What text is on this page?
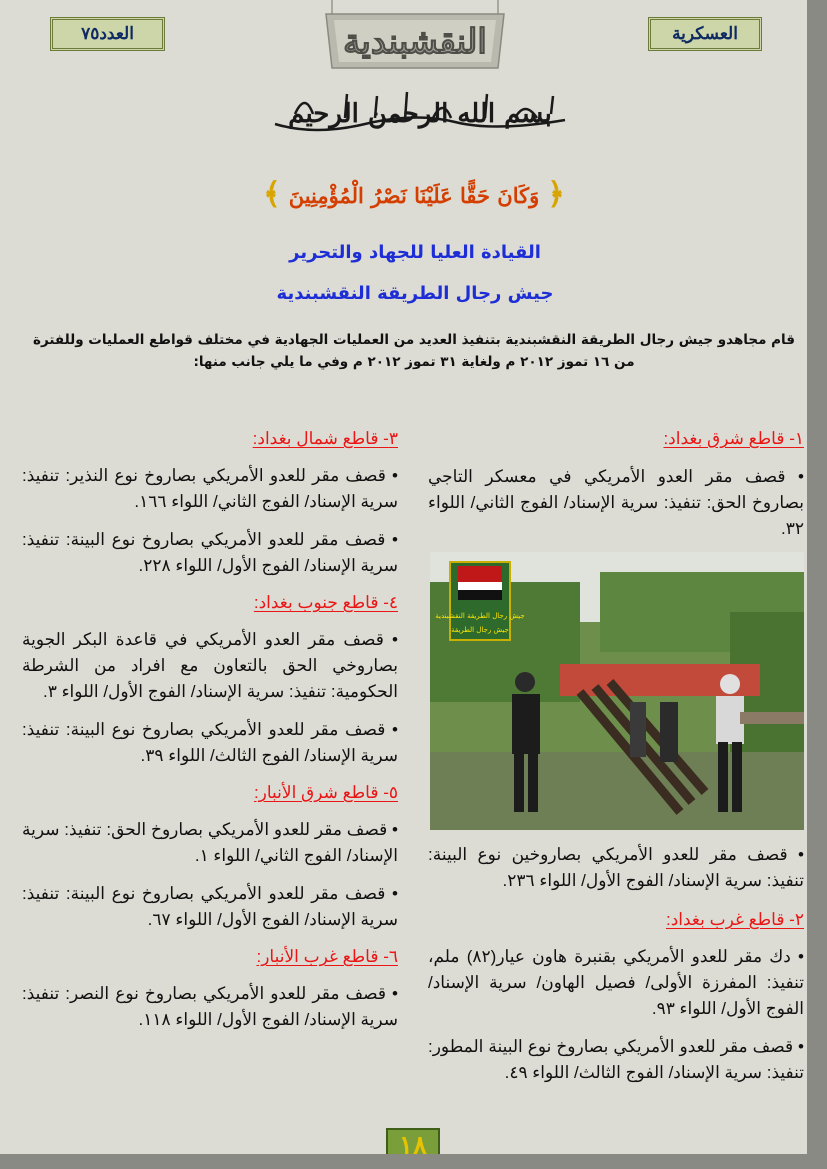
العسكرية
العدد٧٥	النقشبندية
بسم الله الرحمن الرحيم
﴿
وَكَانَ حَقًّا عَلَيْنَا نَصْرُ الْمُؤْمِنِينَ
﴾
القيادة العليا للجهاد والتحرير
جيش رجال الطريقة النقشبندية
قام مجاهدو جيش رجال الطريقة النقشبندية بتنفيذ العديد من العمليات الجهادية في مختلف قواطع العمليات وللفترة من ١٦ تموز ٢٠١٢ م ولغاية ٣١ تموز ٢٠١٢ م وفي ما يلي جانب منها:
١- قاطع شرق بغداد:
• قصف مقر العدو الأمريكي في معسكر التاجي بصاروخ الحق: تنفيذ: سرية الإسناد/ الفوج الثاني/ اللواء ٣٢.
جيش رجال الطريقة النقشبندية
جيش رجال الطريقة
• قصف مقر للعدو الأمريكي بصاروخين نوع البينة: تنفيذ: سرية الإسناد/ الفوج الأول/ اللواء ٢٣٦.
٢- قاطع غرب بغداد:
• دك مقر للعدو الأمريكي بقنبرة هاون عيار(٨٢) ملم، تنفيذ: المفرزة الأولى/ فصيل الهاون/ سرية الإسناد/ الفوج الأول/ اللواء ٩٣.
• قصف مقر للعدو الأمريكي بصاروخ نوع البينة المطور: تنفيذ: سرية الإسناد/ الفوج الثالث/ اللواء ٤٩.
٣- قاطع شمال بغداد:
• قصف مقر للعدو الأمريكي بصاروخ نوع النذير: تنفيذ: سرية الإسناد/ الفوج الثاني/ اللواء ١٦٦.
• قصف مقر للعدو الأمريكي بصاروخ نوع البينة: تنفيذ: سرية الإسناد/ الفوج الأول/ اللواء ٢٢٨.
٤- قاطع جنوب بغداد:
• قصف مقر العدو الأمريكي في قاعدة البكر الجوية بصاروخي الحق بالتعاون مع افراد من الشرطة الحكومية: تنفيذ: سرية الإسناد/ الفوج الأول/ اللواء ٣.
• قصف مقر للعدو الأمريكي بصاروخ نوع البينة: تنفيذ: سرية الإسناد/ الفوج الثالث/ اللواء ٣٩.
٥- قاطع شرق الأنبار:
• قصف مقر للعدو الأمريكي بصاروخ الحق: تنفيذ: سرية الإسناد/ الفوج الثاني/ اللواء ١.
• قصف مقر للعدو الأمريكي بصاروخ نوع البينة: تنفيذ: سرية الإسناد/ الفوج الأول/ اللواء ٦٧.
٦- قاطع غرب الأنبار:
• قصف مقر للعدو الأمريكي بصاروخ نوع النصر: تنفيذ: سرية الإسناد/ الفوج الأول/ اللواء ١١٨.
١٨
